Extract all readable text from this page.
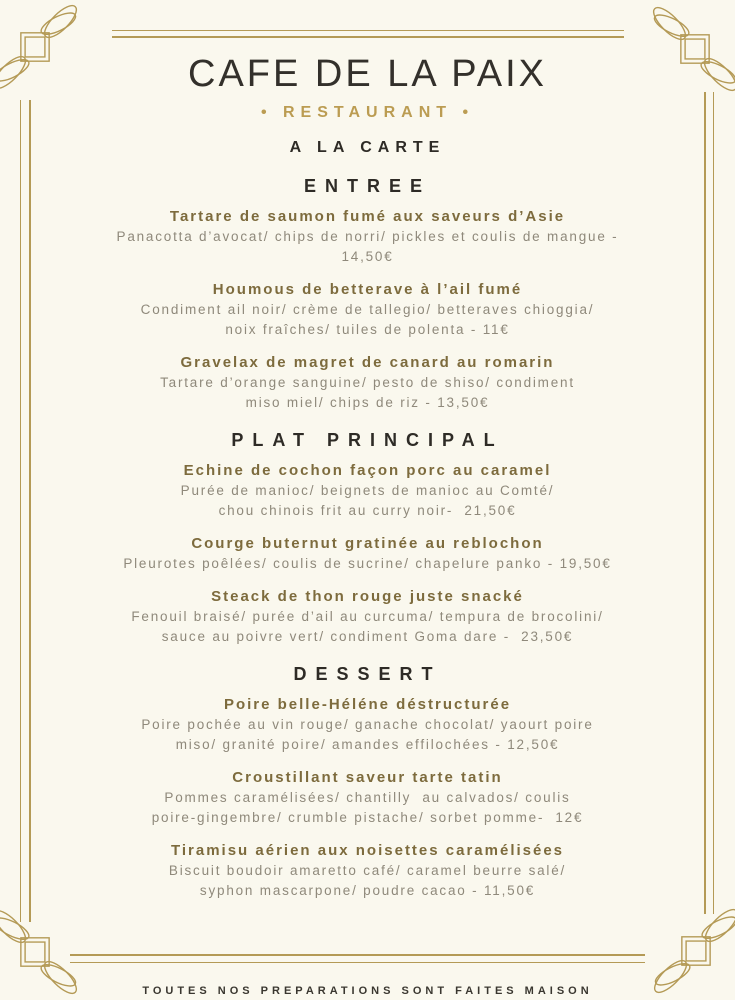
CAFE DE LA PAIX
• RESTAURANT •
A LA CARTE
ENTREE
Tartare de saumon fumé aux saveurs d’Asie
Panacotta d’avocat/ chips de norri/ pickles et coulis de mangue -
14,50€
Houmous de betterave à l’ail fumé
Condiment ail noir/ crème de tallegio/ betteraves chioggia/
noix fraîches/ tuiles de polenta - 11€
Gravelax de magret de canard au romarin
Tartare d’orange sanguine/ pesto de shiso/ condiment
miso miel/ chips de riz - 13,50€
PLAT PRINCIPAL
Echine de cochon façon porc au caramel
Purée de manioc/ beignets de manioc au Comté/
chou chinois frit au curry noir-  21,50€
Courge buternut gratinée au reblochon
Pleurotes poêlées/ coulis de sucrine/ chapelure panko - 19,50€
Steack de thon rouge juste snacké
Fenouil braisé/ purée d’ail au curcuma/ tempura de brocolini/
sauce au poivre vert/ condiment Goma dare -  23,50€
DESSERT
Poire belle-Héléne déstructurée
Poire pochée au vin rouge/ ganache chocolat/ yaourt poire
miso/ granité poire/ amandes effilochées - 12,50€
Croustillant saveur tarte tatin
Pommes caramélisées/ chantilly  au calvados/ coulis
poire-gingembre/ crumble pistache/ sorbet pomme-  12€
Tiramisu aérien aux noisettes caramélisées
Biscuit boudoir amaretto café/ caramel beurre salé/
syphon mascarpone/ poudre cacao - 11,50€
TOUTES NOS PREPARATIONS SONT FAITES MAISON
